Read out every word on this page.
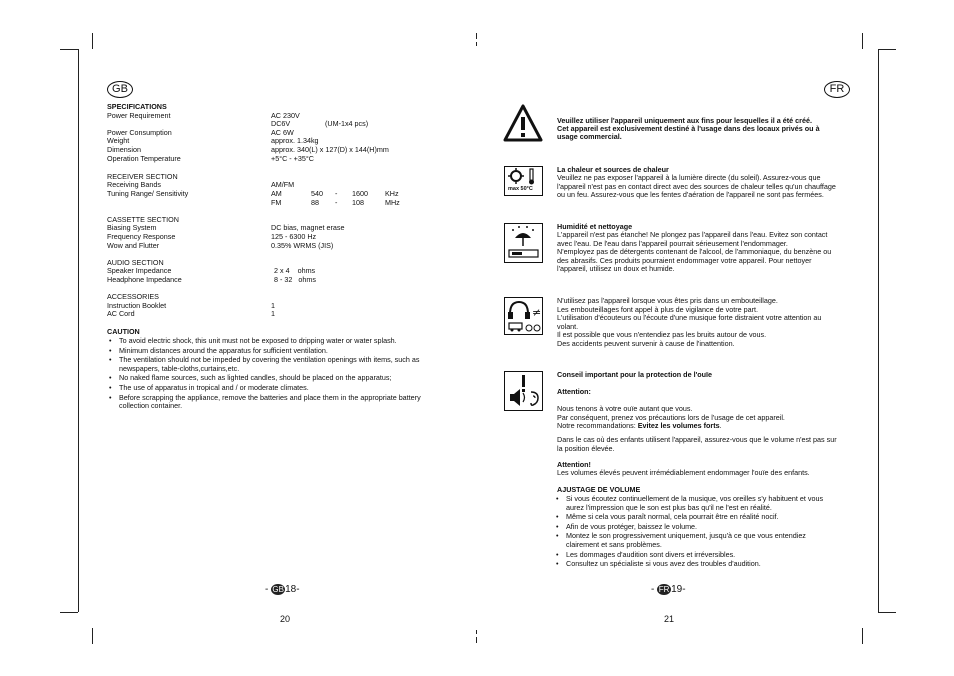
GB
SPECIFICATIONS
Power Requirement	AC 230V
DC6V	(UM-1x4 pcs)
Power Consumption	AC 6W
Weight	approx. 1.34kg
Dimension	approx. 340(L) x 127(D) x 144(H)mm
Operation Temperature	+5°C - +35°C
RECEIVER SECTION
Receiving Bands	AM/FM
Tuning Range/ Sensitivity	AM	540 - 1600 KHz
FM	88 - 108	MHz
CASSETTE SECTION
Biasing System	DC bias, magnet erase
Frequency Response	125 - 6300 Hz
Wow and Flutter	0.35% WRMS (JIS)
AUDIO SECTION
Speaker Impedance	2 x 4    ohms
Headphone Impedance	8 - 32   ohms
ACCESSORIES
Instruction Booklet	1
AC Cord	1
CAUTION
• To avoid electric shock, this unit must not be exposed to dripping water or water splash.
• Minimum distances around the apparatus for sufficient ventilation.
• The ventilation should not be impeded by covering the ventilation openings with items, such as newspapers, table-cloths,curtains,etc.
• No naked flame sources, such as lighted candles, should be placed on the apparatus;
• The use of apparatus in tropical and / or moderate climates.
• Before scrapping the appliance, remove the batteries and place them in the appropriate battery collection container.
- GB18-
20
FR
Veuillez utiliser l'appareil uniquement aux fins pour lesquelles il a été créé.
Cet appareil est exclusivement destiné à l'usage dans des locaux privés ou à
usage commercial.
max 50°C
La chaleur et sources de chaleur
Veuillez ne pas exposer l'appareil à la lumière directe (du soleil). Assurez-vous que
l'appareil n'est pas en contact direct avec des sources de chaleur telles qu'un chauffage
ou un feu. Assurez-vous que les fentes d'aération de l'appareil ne sont pas fermées.
Humidité et nettoyage
L'appareil n'est pas étanche! Ne plongez pas l'appareil dans l'eau. Evitez son contact
avec l'eau. De l'eau dans l'appareil pourrait sérieusement l'endommager.
N'employez pas de détergents contenant de l'alcool, de l'ammoniaque, du benzène ou
des abrasifs. Ces produits pourraient endommager votre appareil. Pour nettoyer
l'appareil, utilisez un doux et humide.
≠
N'utilisez pas l'appareil lorsque vous êtes pris dans un embouteillage.
Les embouteillages font appel à plus de vigilance de votre part.
L'utilisation d'écouteurs ou l'écoute d'une musique forte distraient votre attention au
volant.
Il est possible que vous n'entendiez pas les bruits autour de vous.
Des accidents peuvent survenir à cause de l'inattention.
Conseil important pour la protection de l'ouïe
Attention:
Nous tenons à votre ouïe autant que vous.
Par conséquent, prenez vos précautions lors de l'usage de cet appareil.
Notre recommandations: Evitez les volumes forts.
Dans le cas où des enfants utilisent l'appareil, assurez-vous que le volume n'est pas sur
la position élevée.
Attention!
Les volumes élevés peuvent irrémédiablement endommager l'ouïe des enfants.
AJUSTAGE DE VOLUME
• Si vous écoutez continuellement de la musique, vos oreilles s'y habituent et vous aurez l'impression que le son est plus bas qu'il ne l'est en réalité.
• Même si cela vous paraît normal, cela pourrait être en réalité nocif.
• Afin de vous protéger, baissez le volume.
• Montez le son progressivement uniquement, jusqu'à ce que vous entendiez clairement et sans problèmes.
• Les dommages d'audition sont divers et irréversibles.
• Consultez un spécialiste si vous avez des troubles d'audition.
- FR 19-
21
